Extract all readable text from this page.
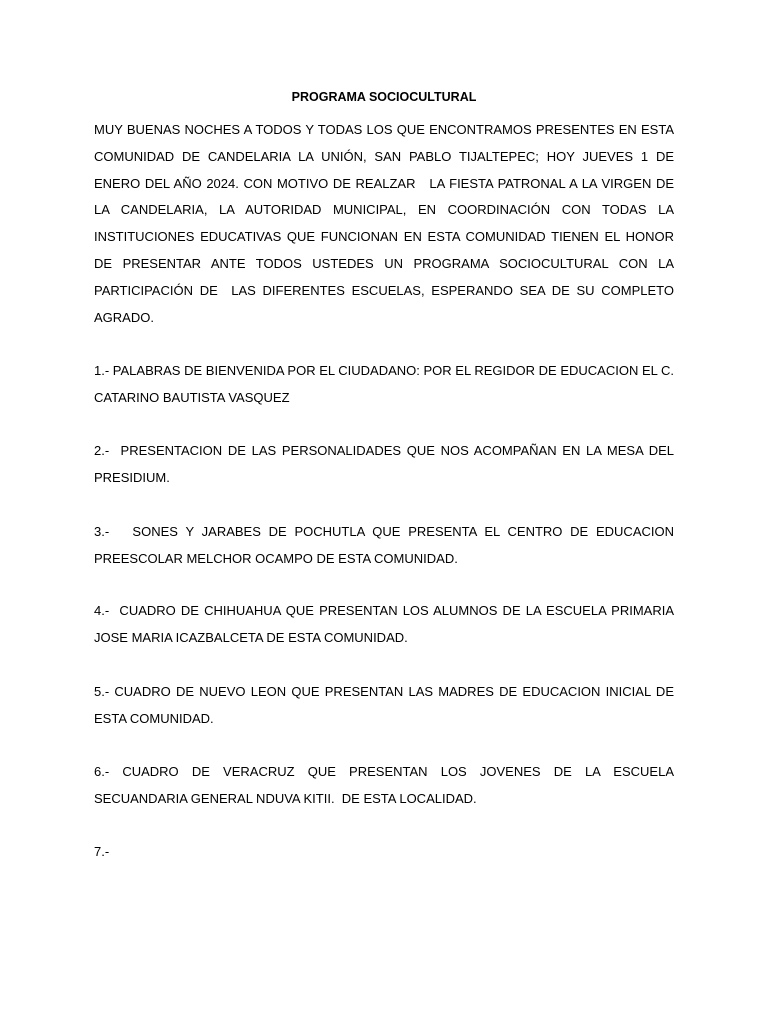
PROGRAMA SOCIOCULTURAL

MUY BUENAS NOCHES A TODOS Y TODAS LOS QUE ENCONTRAMOS PRESENTES EN ESTA COMUNIDAD DE CANDELARIA LA UNIÓN, SAN PABLO TIJALTEPEC; HOY JUEVES 1 DE ENERO DEL AÑO 2024. CON MOTIVO DE REALZAR   LA FIESTA PATRONAL A LA VIRGEN DE LA CANDELARIA, LA AUTORIDAD MUNICIPAL, EN COORDINACIÓN CON TODAS LA INSTITUCIONES EDUCATIVAS QUE FUNCIONAN EN ESTA COMUNIDAD TIENEN EL HONOR DE PRESENTAR ANTE TODOS USTEDES UN PROGRAMA SOCIOCULTURAL CON LA PARTICIPACIÓN DE  LAS DIFERENTES ESCUELAS, ESPERANDO SEA DE SU COMPLETO AGRADO.

1.- PALABRAS DE BIENVENIDA POR EL CIUDADANO: POR EL REGIDOR DE EDUCACION EL C. CATARINO BAUTISTA VASQUEZ

2.-  PRESENTACION DE LAS PERSONALIDADES QUE NOS ACOMPAÑAN EN LA MESA DEL PRESIDIUM.

3.-   SONES Y JARABES DE POCHUTLA QUE PRESENTA EL CENTRO DE EDUCACION PREESCOLAR MELCHOR OCAMPO DE ESTA COMUNIDAD.

4.-  CUADRO DE CHIHUAHUA QUE PRESENTAN LOS ALUMNOS DE LA ESCUELA PRIMARIA JOSE MARIA ICAZBALCETA DE ESTA COMUNIDAD.

5.- CUADRO DE NUEVO LEON QUE PRESENTAN LAS MADRES DE EDUCACION INICIAL DE ESTA COMUNIDAD.

6.- CUADRO DE VERACRUZ QUE PRESENTAN LOS JOVENES DE LA ESCUELA SECUANDARIA GENERAL NDUVA KITII.  DE ESTA LOCALIDAD.

7.-
